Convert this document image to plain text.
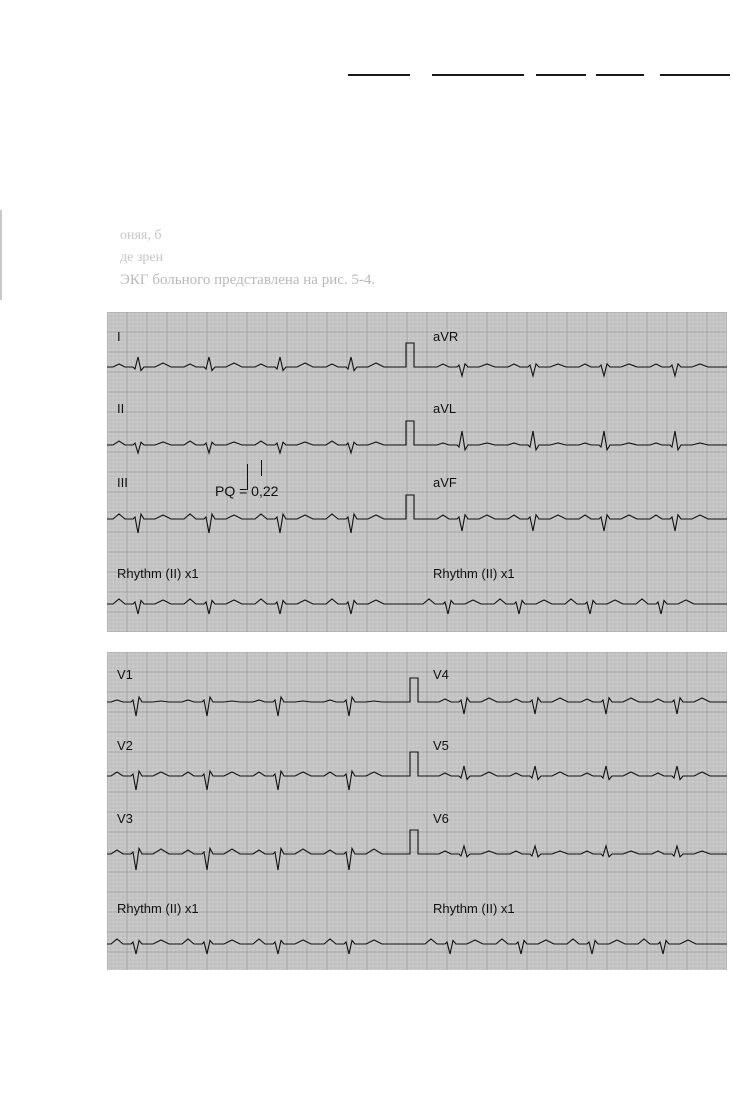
оняя, б
де зрен
ЭКГ больного представлена на рис. 5-4.
I	aVR
II	aVL
III	aVF
PQ = 0,22
Rhythm (II) x1	Rhythm (II) x1
V1	V4
V2	V5
V3	V6
Rhythm (II) x1	Rhythm (II) x1
